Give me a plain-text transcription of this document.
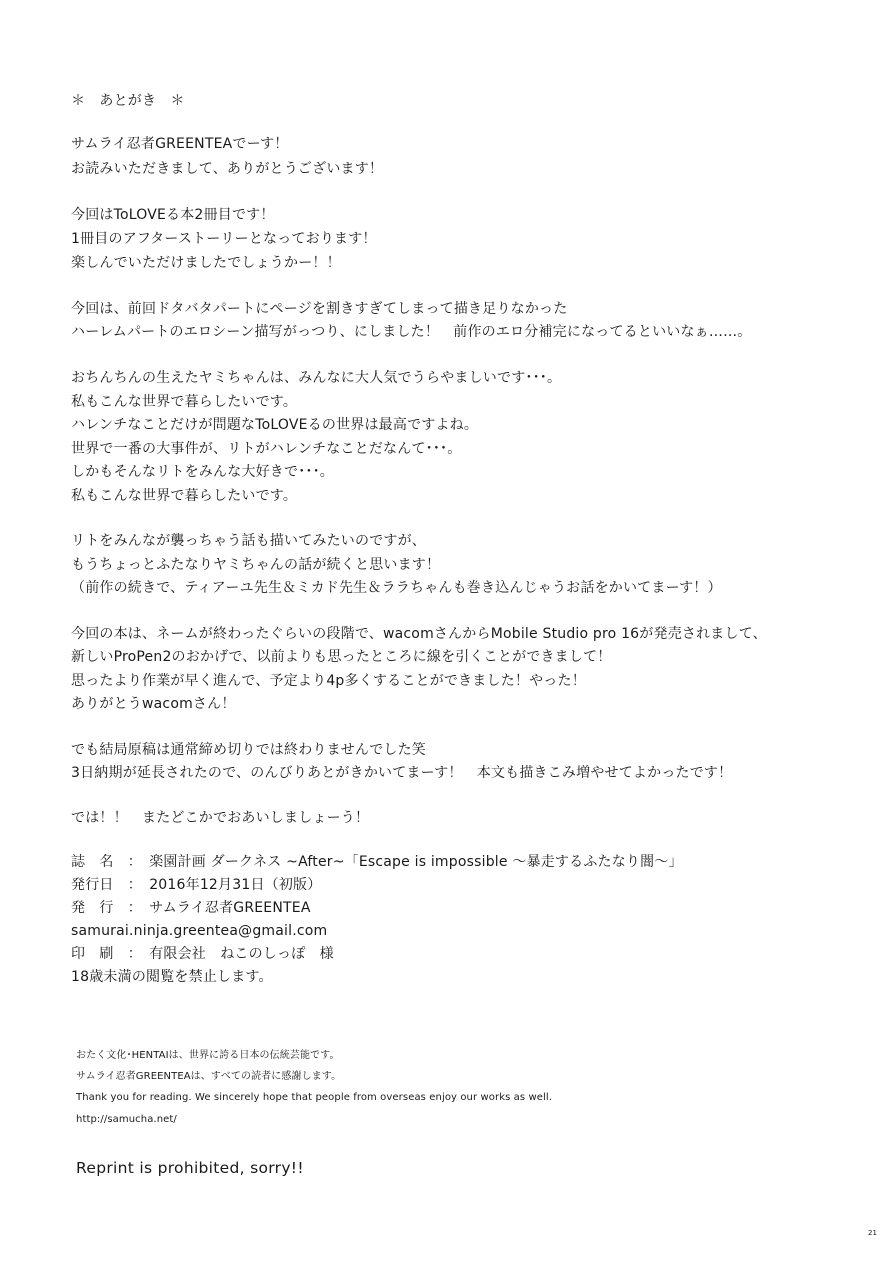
＊　あとがき　＊
サムライ忍者GREENTEAでーす！
お読みいただきまして、ありがとうございます！
今回はToLOVEる本2冊目です！
1冊目のアフターストーリーとなっております！
楽しんでいただけましたでしょうかー！！
今回は、前回ドタバタパートにページを割きすぎてしまって描き足りなかった
ハーレムパートのエロシーン描写がっつり、にしました！　前作のエロ分補完になってるといいなぁ……。
おちんちんの生えたヤミちゃんは、みんなに大人気でうらやましいです･･･。
私もこんな世界で暮らしたいです。
ハレンチなことだけが問題なToLOVEるの世界は最高ですよね。
世界で一番の大事件が、リトがハレンチなことだなんて･･･。
しかもそんなリトをみんな大好きで･･･。
私もこんな世界で暮らしたいです。
リトをみんなが襲っちゃう話も描いてみたいのですが、
もうちょっとふたなりヤミちゃんの話が続くと思います！
（前作の続きで、ティアーユ先生＆ミカド先生＆ララちゃんも巻き込んじゃうお話をかいてまーす！）
今回の本は、ネームが終わったぐらいの段階で、wacomさんからMobile Studio pro 16が発売されまして、
新しいProPen2のおかげで、以前よりも思ったところに線を引くことができまして！
思ったより作業が早く進んで、予定より4p多くすることができました！やった！
ありがとうwacomさん！
でも結局原稿は通常締め切りでは終わりませんでした笑
3日納期が延長されたので、のんびりあとがきかいてまーす！　本文も描きこみ増やせてよかったです！
では！！　またどこかでおあいしましょーう！
誌　名　：　楽園計画 ダークネス ~After~「Escape is impossible ～暴走するふたなり闇～」
発行日　：　2016年12月31日（初版）
発　行　：　サムライ忍者GREENTEA
samurai.ninja.greentea@gmail.com
印　刷　：　有限会社　ねこのしっぽ　様
18歳未満の閲覧を禁止します。
おたく文化･HENTAIは、世界に誇る日本の伝統芸能です。
サムライ忍者GREENTEAは、すべての読者に感謝します。
Thank you for reading. We sincerely hope that people from overseas enjoy our works as well.
http://samucha.net/
Reprint is prohibited, sorry!!
21
